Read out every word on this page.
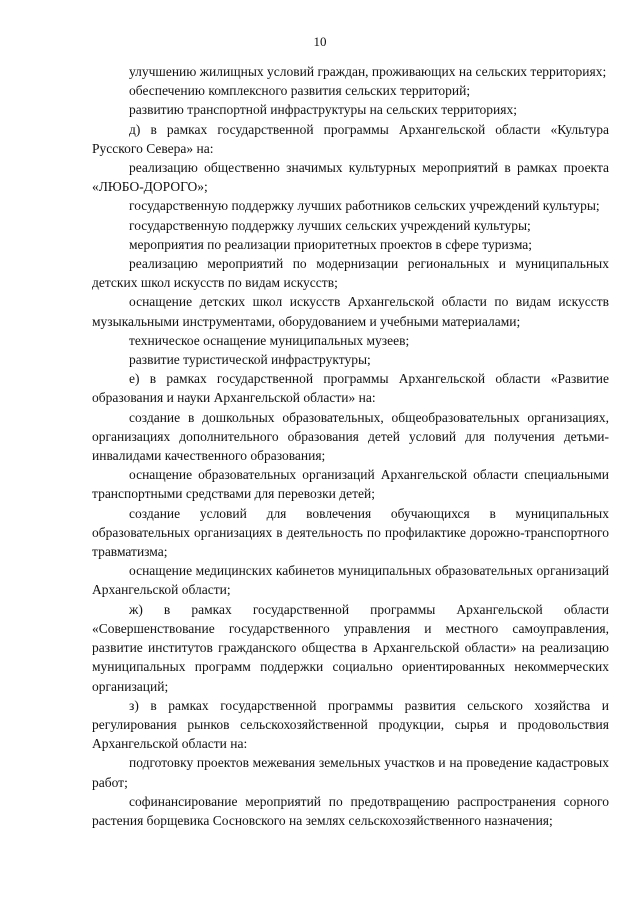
10

улучшению жилищных условий граждан, проживающих на сельских территориях;

обеспечению комплексного развития сельских территорий;

развитию транспортной инфраструктуры на сельских территориях;

д) в рамках государственной программы Архангельской области «Культура Русского Севера» на:

реализацию общественно значимых культурных мероприятий в рамках проекта «ЛЮБО-ДОРОГО»;

государственную поддержку лучших работников сельских учреждений культуры;

государственную поддержку лучших сельских учреждений культуры;

мероприятия по реализации приоритетных проектов в сфере туризма;

реализацию мероприятий по модернизации региональных и муниципальных детских школ искусств по видам искусств;

оснащение детских школ искусств Архангельской области по видам искусств музыкальными инструментами, оборудованием и учебными материалами;

техническое оснащение муниципальных музеев;

развитие туристической инфраструктуры;

е) в рамках государственной программы Архангельской области «Развитие образования и науки Архангельской области» на:

создание в дошкольных образовательных, общеобразовательных организациях, организациях дополнительного образования детей условий для получения детьми-инвалидами качественного образования;

оснащение образовательных организаций Архангельской области специальными транспортными средствами для перевозки детей;

создание условий для вовлечения обучающихся в муниципальных образовательных организациях в деятельность по профилактике дорожно-транспортного травматизма;

оснащение медицинских кабинетов муниципальных образовательных организаций Архангельской области;

ж) в рамках государственной программы Архангельской области «Совершенствование государственного управления и местного самоуправления, развитие институтов гражданского общества в Архангельской области» на реализацию муниципальных программ поддержки социально ориентированных некоммерческих организаций;

з) в рамках государственной программы развития сельского хозяйства и регулирования рынков сельскохозяйственной продукции, сырья и продовольствия Архангельской области на:

подготовку проектов межевания земельных участков и на проведение кадастровых работ;

софинансирование мероприятий по предотвращению распространения сорного растения борщевика Сосновского на землях сельскохозяйственного назначения;
